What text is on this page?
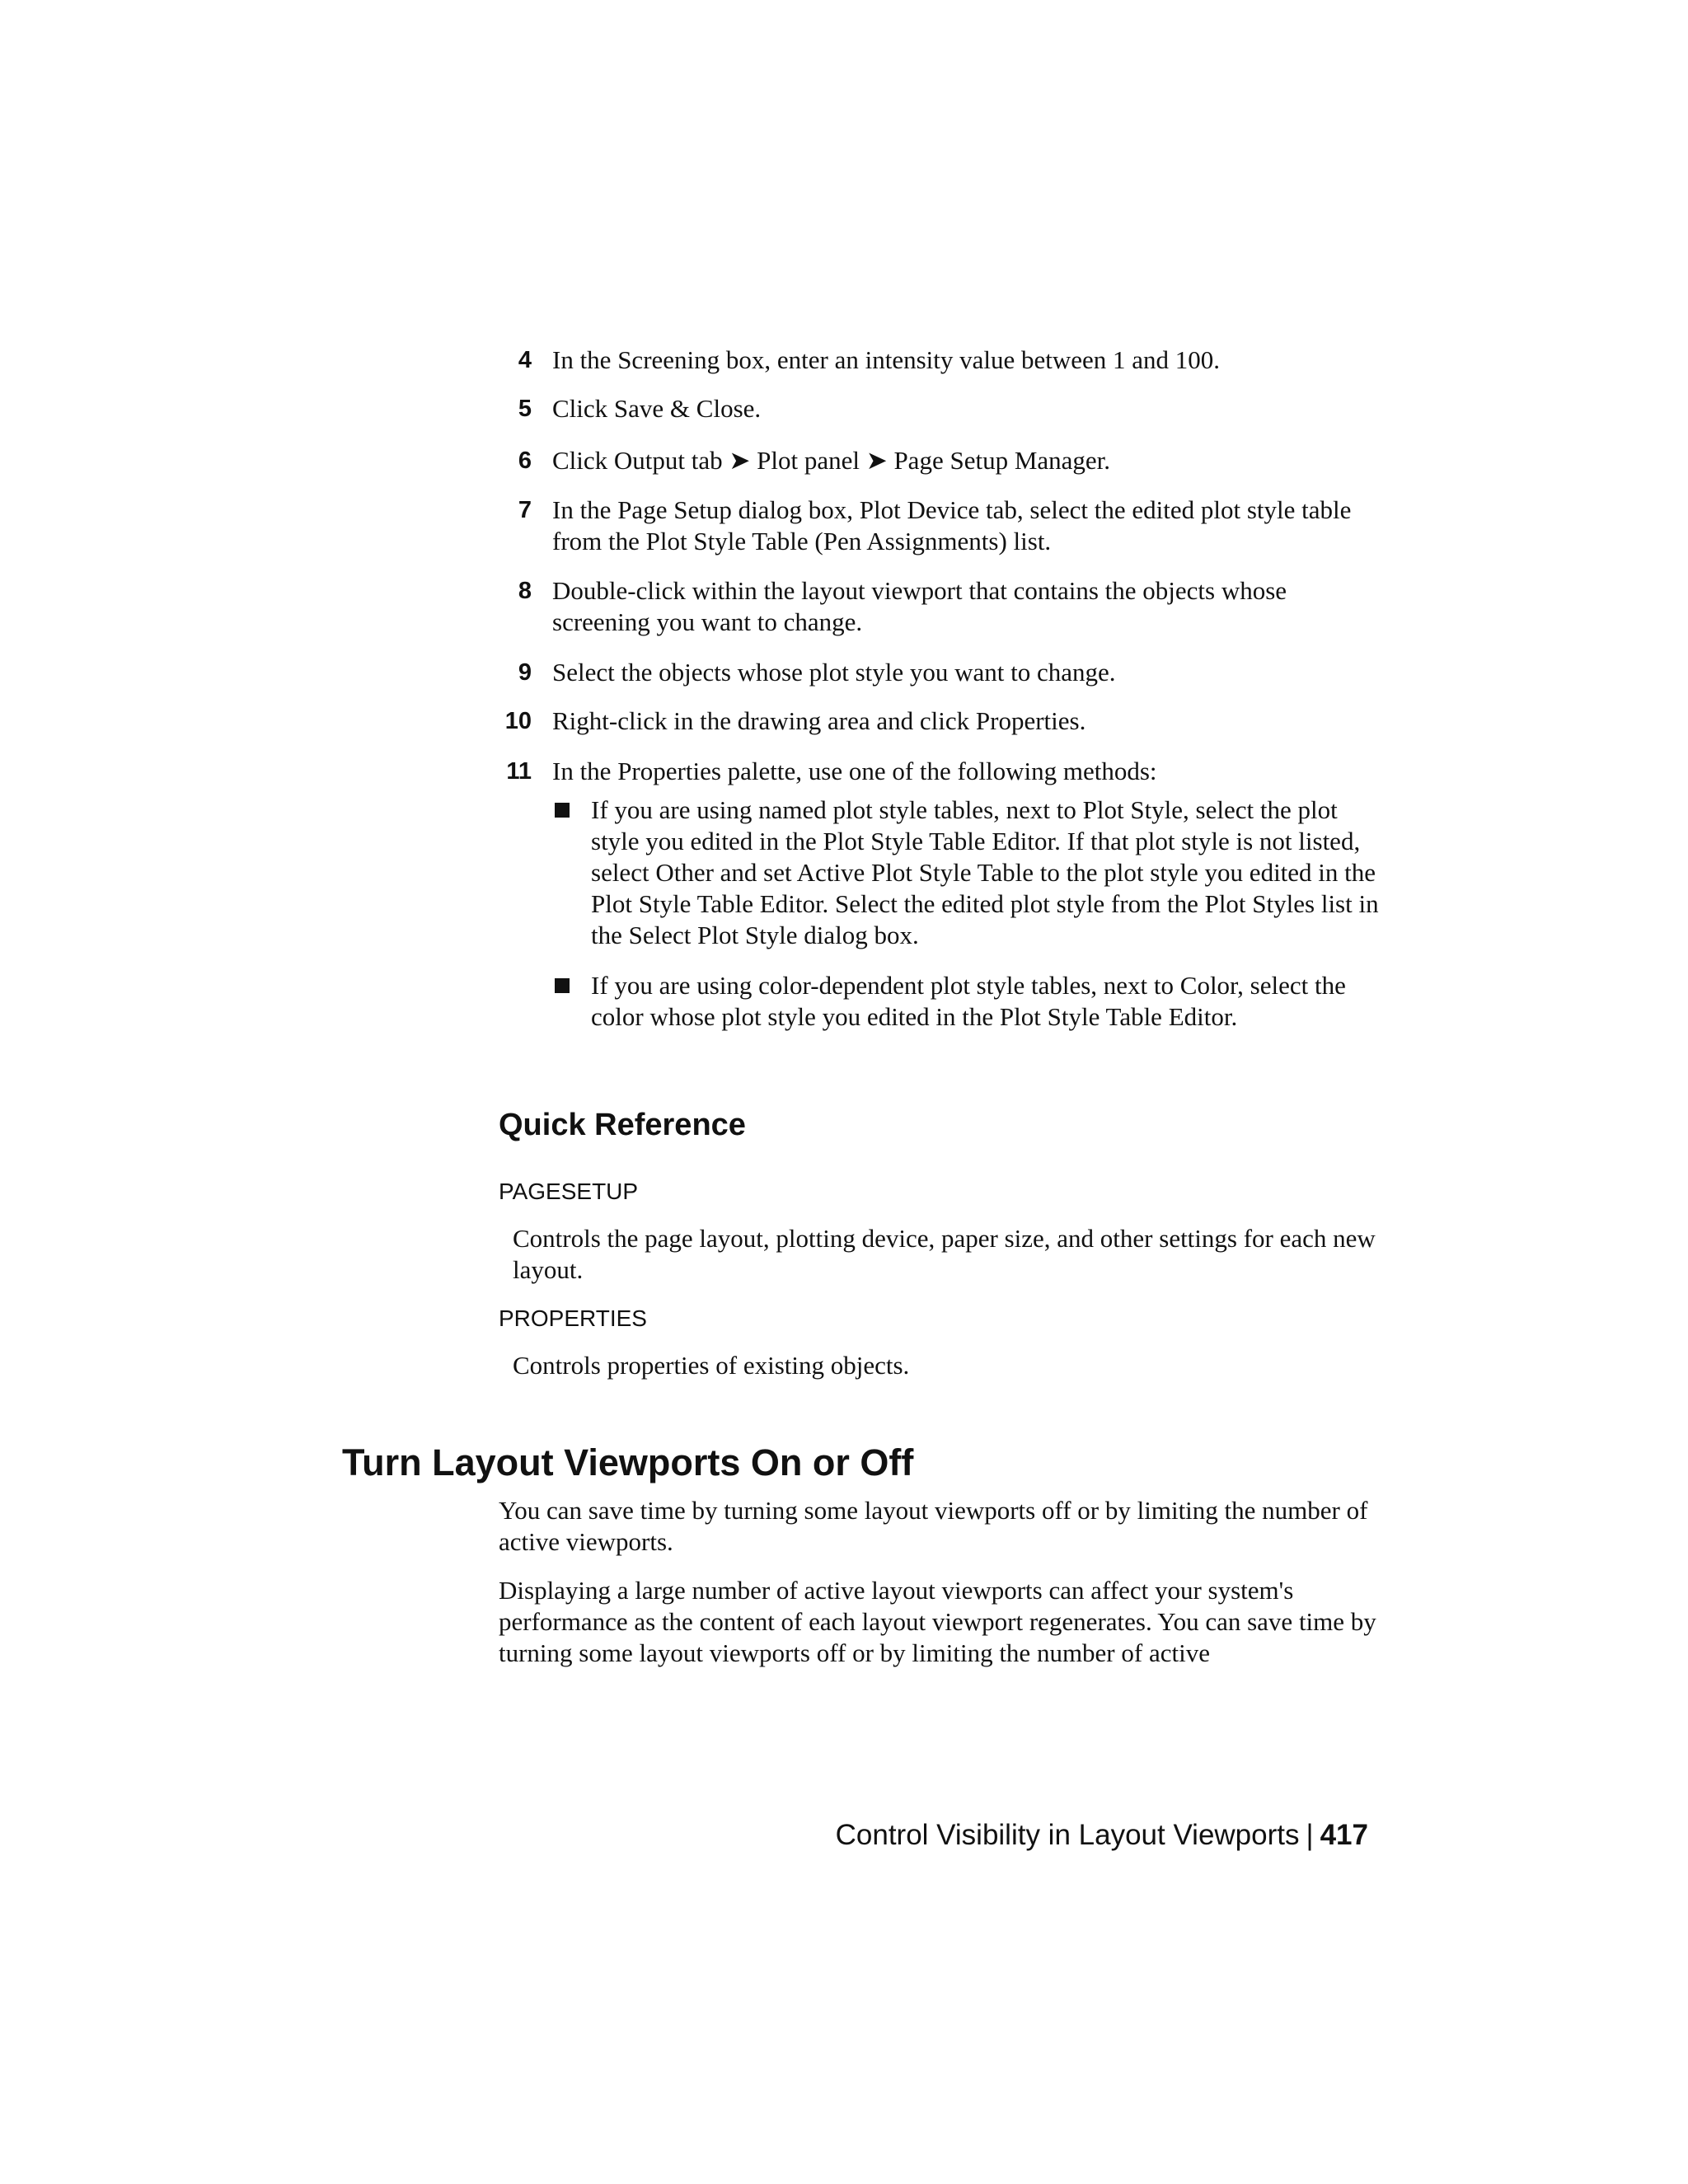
4 In the Screening box, enter an intensity value between 1 and 100.
5 Click Save & Close.
6 Click Output tab ➤ Plot panel ➤ Page Setup Manager.
7 In the Page Setup dialog box, Plot Device tab, select the edited plot style table from the Plot Style Table (Pen Assignments) list.
8 Double-click within the layout viewport that contains the objects whose screening you want to change.
9 Select the objects whose plot style you want to change.
10 Right-click in the drawing area and click Properties.
11 In the Properties palette, use one of the following methods:
If you are using named plot style tables, next to Plot Style, select the plot style you edited in the Plot Style Table Editor. If that plot style is not listed, select Other and set Active Plot Style Table to the plot style you edited in the Plot Style Table Editor. Select the edited plot style from the Plot Styles list in the Select Plot Style dialog box.
If you are using color-dependent plot style tables, next to Color, select the color whose plot style you edited in the Plot Style Table Editor.
Quick Reference
PAGESETUP
Controls the page layout, plotting device, paper size, and other settings for each new layout.
PROPERTIES
Controls properties of existing objects.
Turn Layout Viewports On or Off
You can save time by turning some layout viewports off or by limiting the number of active viewports.
Displaying a large number of active layout viewports can affect your system's performance as the content of each layout viewport regenerates. You can save time by turning some layout viewports off or by limiting the number of active
Control Visibility in Layout Viewports | 417
